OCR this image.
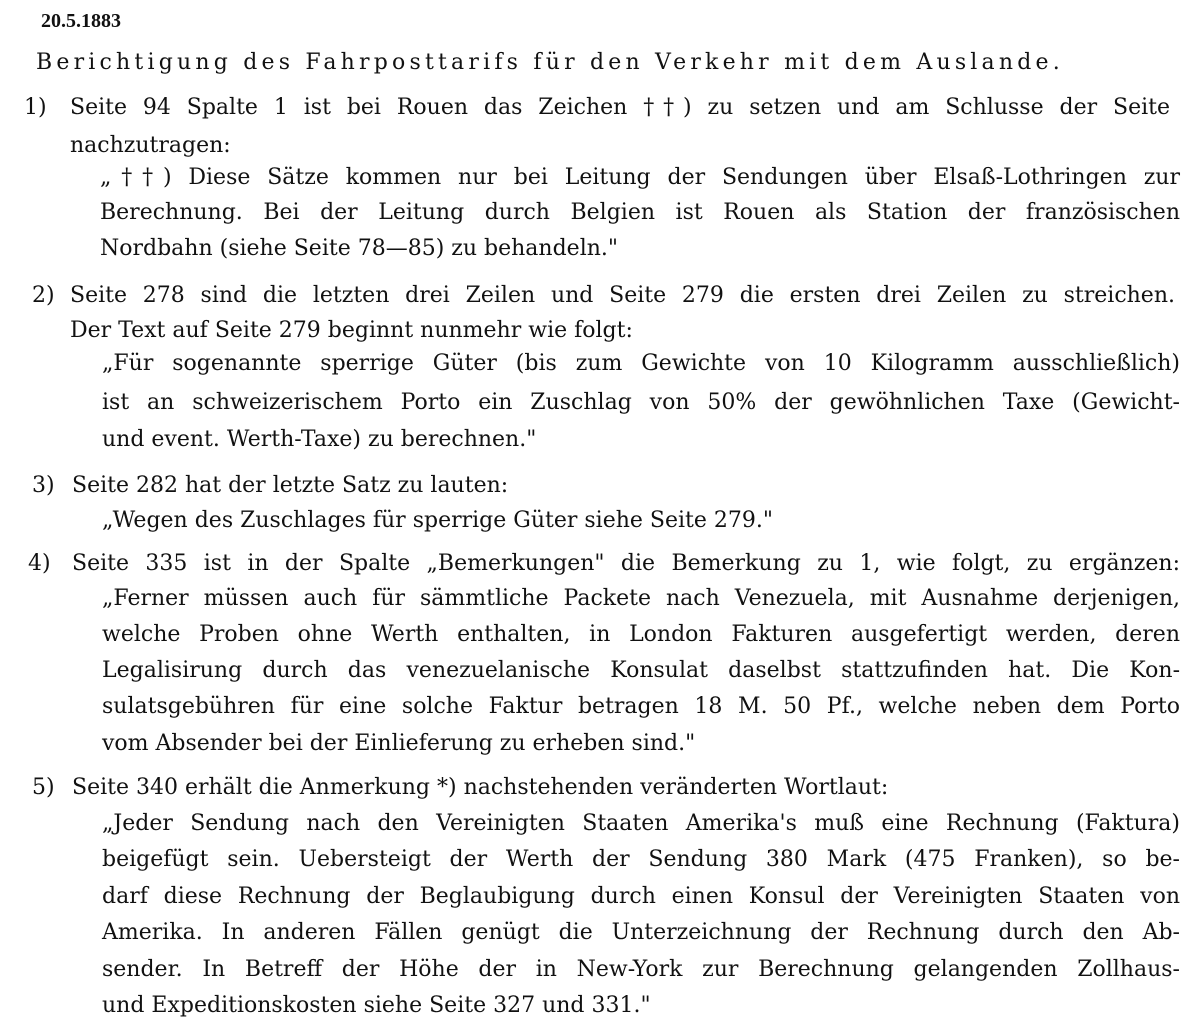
20.5.1883
Berichtigung des Fahrposttarifs für den Verkehr mit dem Auslande.
1) Seite 94 Spalte 1 ist bei Rouen das Zeichen ††) zu setzen und am Schlusse der Seite
nachzutragen:
„††) Diese Sätze kommen nur bei Leitung der Sendungen über Elsaß-Lothringen zur
Berechnung. Bei der Leitung durch Belgien ist Rouen als Station der französischen
Nordbahn (siehe Seite 78—85) zu behandeln."
2) Seite 278 sind die letzten drei Zeilen und Seite 279 die ersten drei Zeilen zu streichen.
Der Text auf Seite 279 beginnt nunmehr wie folgt:
„Für sogenannte sperrige Güter (bis zum Gewichte von 10 Kilogramm ausschließlich)
ist an schweizerischem Porto ein Zuschlag von 50% der gewöhnlichen Taxe (Gewicht-
und event. Werth-Taxe) zu berechnen."
3) Seite 282 hat der letzte Satz zu lauten:
„Wegen des Zuschlages für sperrige Güter siehe Seite 279."
4) Seite 335 ist in der Spalte „Bemerkungen" die Bemerkung zu 1, wie folgt, zu ergänzen:
„Ferner müssen auch für sämmtliche Packete nach Venezuela, mit Ausnahme derjenigen,
welche Proben ohne Werth enthalten, in London Fakturen ausgefertigt werden, deren
Legalisirung durch das venezuelanische Konsulat daselbst stattzufinden hat. Die Kon-
sulatsgebühren für eine solche Faktur betragen 18 M. 50 Pf., welche neben dem Porto
vom Absender bei der Einlieferung zu erheben sind."
5) Seite 340 erhält die Anmerkung *) nachstehenden veränderten Wortlaut:
„Jeder Sendung nach den Vereinigten Staaten Amerika's muß eine Rechnung (Faktura)
beigefügt sein. Uebersteigt der Werth der Sendung 380 Mark (475 Franken), so be-
darf diese Rechnung der Beglaubigung durch einen Konsul der Vereinigten Staaten von
Amerika. In anderen Fällen genügt die Unterzeichnung der Rechnung durch den Ab-
sender. In Betreff der Höhe der in New-York zur Berechnung gelangenden Zollhaus-
und Expeditionskosten siehe Seite 327 und 331."
